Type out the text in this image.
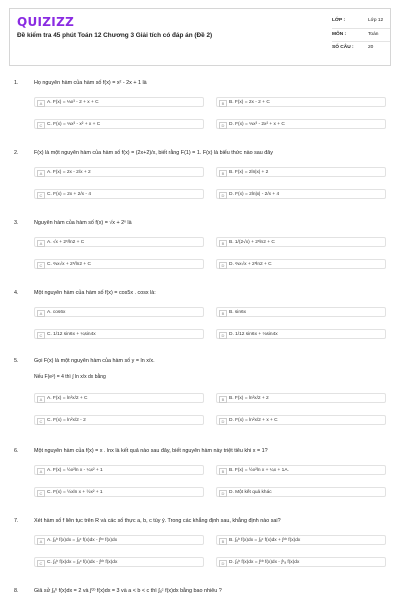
QUIZIZZ
Đề kiểm tra 45 phút Toán 12 Chương 3 Giải tích có đáp án (Đề 2)
LỚP :	Lớp 12
MÔN :	Toán
SỐ CÂU :	20
1.	Họ nguyên hàm của hàm số f(x) = x² - 2x + 1 là
A A. F(x) = ⅓x³ - 2 + x + C	B B. F(x) = 2x - 2 + C
C C. F(x) = ⅓x³ - x² + x + C	D D. F(x) = ⅓x³ - 2x² + x + C
2.	F(x) là một nguyên hàm của hàm số f(x) = (2x+2)/x, biết rằng F(1) = 1. F(x) là biểu thức nào sau đây
A A. F(x) = 2x - 2/x + 2	B B. F(x) = 2ln|x| + 2
C C. F(x) = 2x + 2/x - 4	D D. F(x) = 2ln|x| - 2/x + 4
3.	Nguyên hàm của hàm số f(x) = √x + 2ˣ là
A A. √x + 2ˣ/ln2 + C	B B. 1/(2√x) + 2ˣln2 + C
C C. ⅔x√x + 2ˣ/ln2 + C	D D. ⅔x√x + 2ˣln2 + C
4.	Một nguyên hàm của hàm số f(x) = cos5x . cosx là:
A A. cos6x	B B. sin6x
C C. 1/12 sin6x + ¼sin4x	D D. 1/12 sin6x + ⅛sin4x
5.	Gọi F(x) là một nguyên hàm của hàm số y = ln x/x.
Nếu F(e²) = 4 thì ∫ ln x/x dx bằng
A A. F(x) = ln²x/2 + C	B B. F(x) = ln²x/2 + 2
C C. F(x) = ln²x/2 - 2	D D. F(x) = ln²x/2 + x + C
6.	Một nguyên hàm của f(x) = x . lnx là kết quả nào sau đây, biết nguyên hàm này triệt tiêu khi x = 1?
A A. F(x) = ½x²ln x - ¼x² + 1	B B. F(x) = ½x²ln x + ¼x + 1A.
C C. F(x) = ½xln x + ½x² + 1	D D. Một kết quả khác
7.	Xét hàm số f liên tục trên R và các số thực a, b, c tùy ý. Trong các khẳng định sau, khẳng định nào sai?
A A. ∫ₐᵇ f(x)dx = ∫ₐᶜ f(x)dx - ∫ᵇᶜ f(x)dx	B B. ∫ₐᵇ f(x)dx = ∫ₐᶜ f(x)dx + ∫ᶜᵇ f(x)dx
C C. ∫ₐᵇ f(x)dx = ∫ₐᶜ f(x)dx - ∫ᶜᵇ f(x)dx	D D. ∫ₐᵇ f(x)dx = ∫ᶜᵇ f(x)dx - ∫ᶜₐ f(x)dx
8.	Giả sử ∫ₐᵇ f(x)dx = 2 và ∫ᶜᵇ f(x)dx = 3 và a < b < c thì ∫ₐᶜ f(x)dx bằng bao nhiêu ?
